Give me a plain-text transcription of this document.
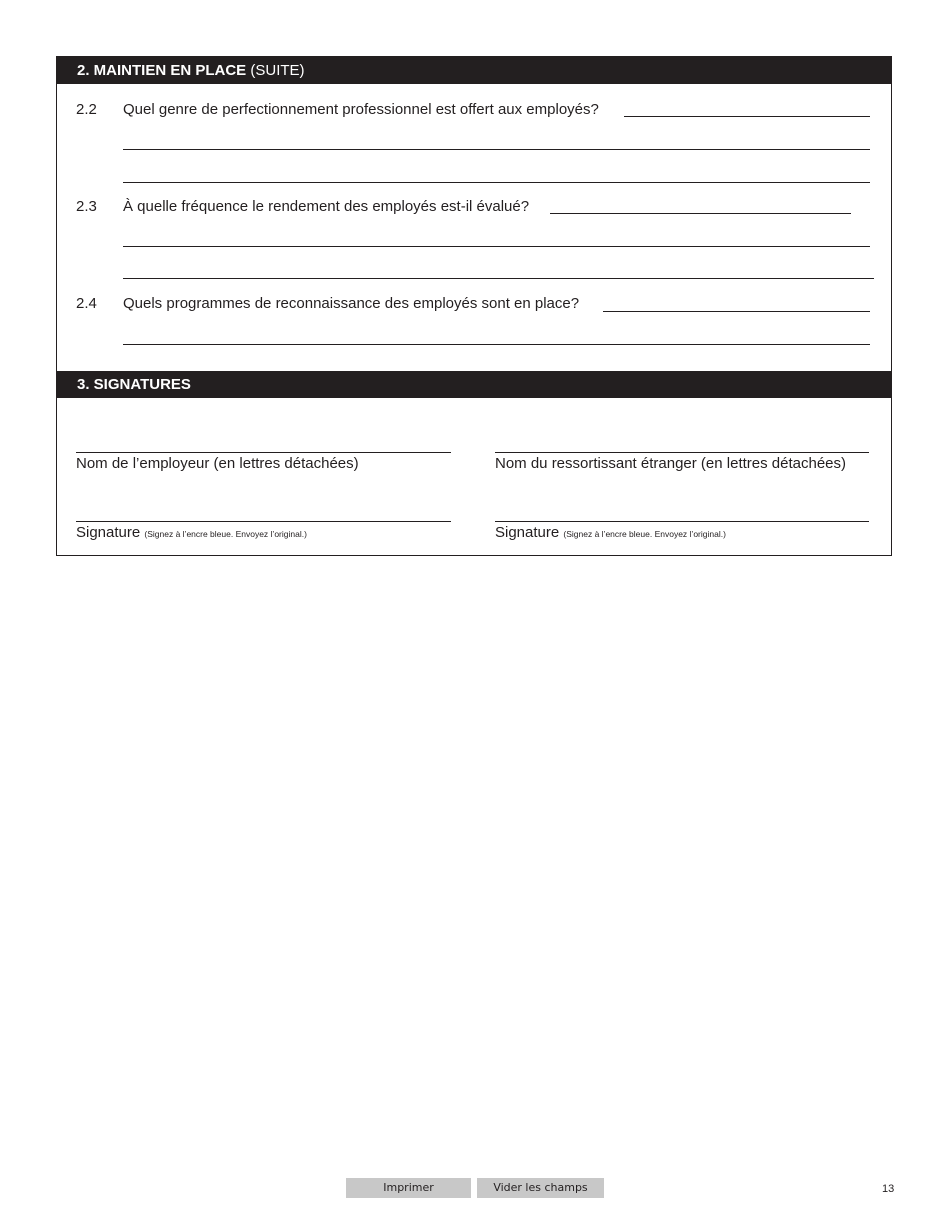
2. MAINTIEN EN PLACE (SUITE)
2.2 Quel genre de perfectionnement professionnel est offert aux employés?
2.3 À quelle fréquence le rendement des employés est-il évalué?
2.4 Quels programmes de reconnaissance des employés sont en place?
3. SIGNATURES
Nom de l’employeur (en lettres détachées)
Signature (Signez à l’encre bleue. Envoyez l’original.)
Nom du ressortissant étranger (en lettres détachées)
Signature (Signez à l’encre bleue. Envoyez l’original.)
Imprimer	Vider les champs	13
